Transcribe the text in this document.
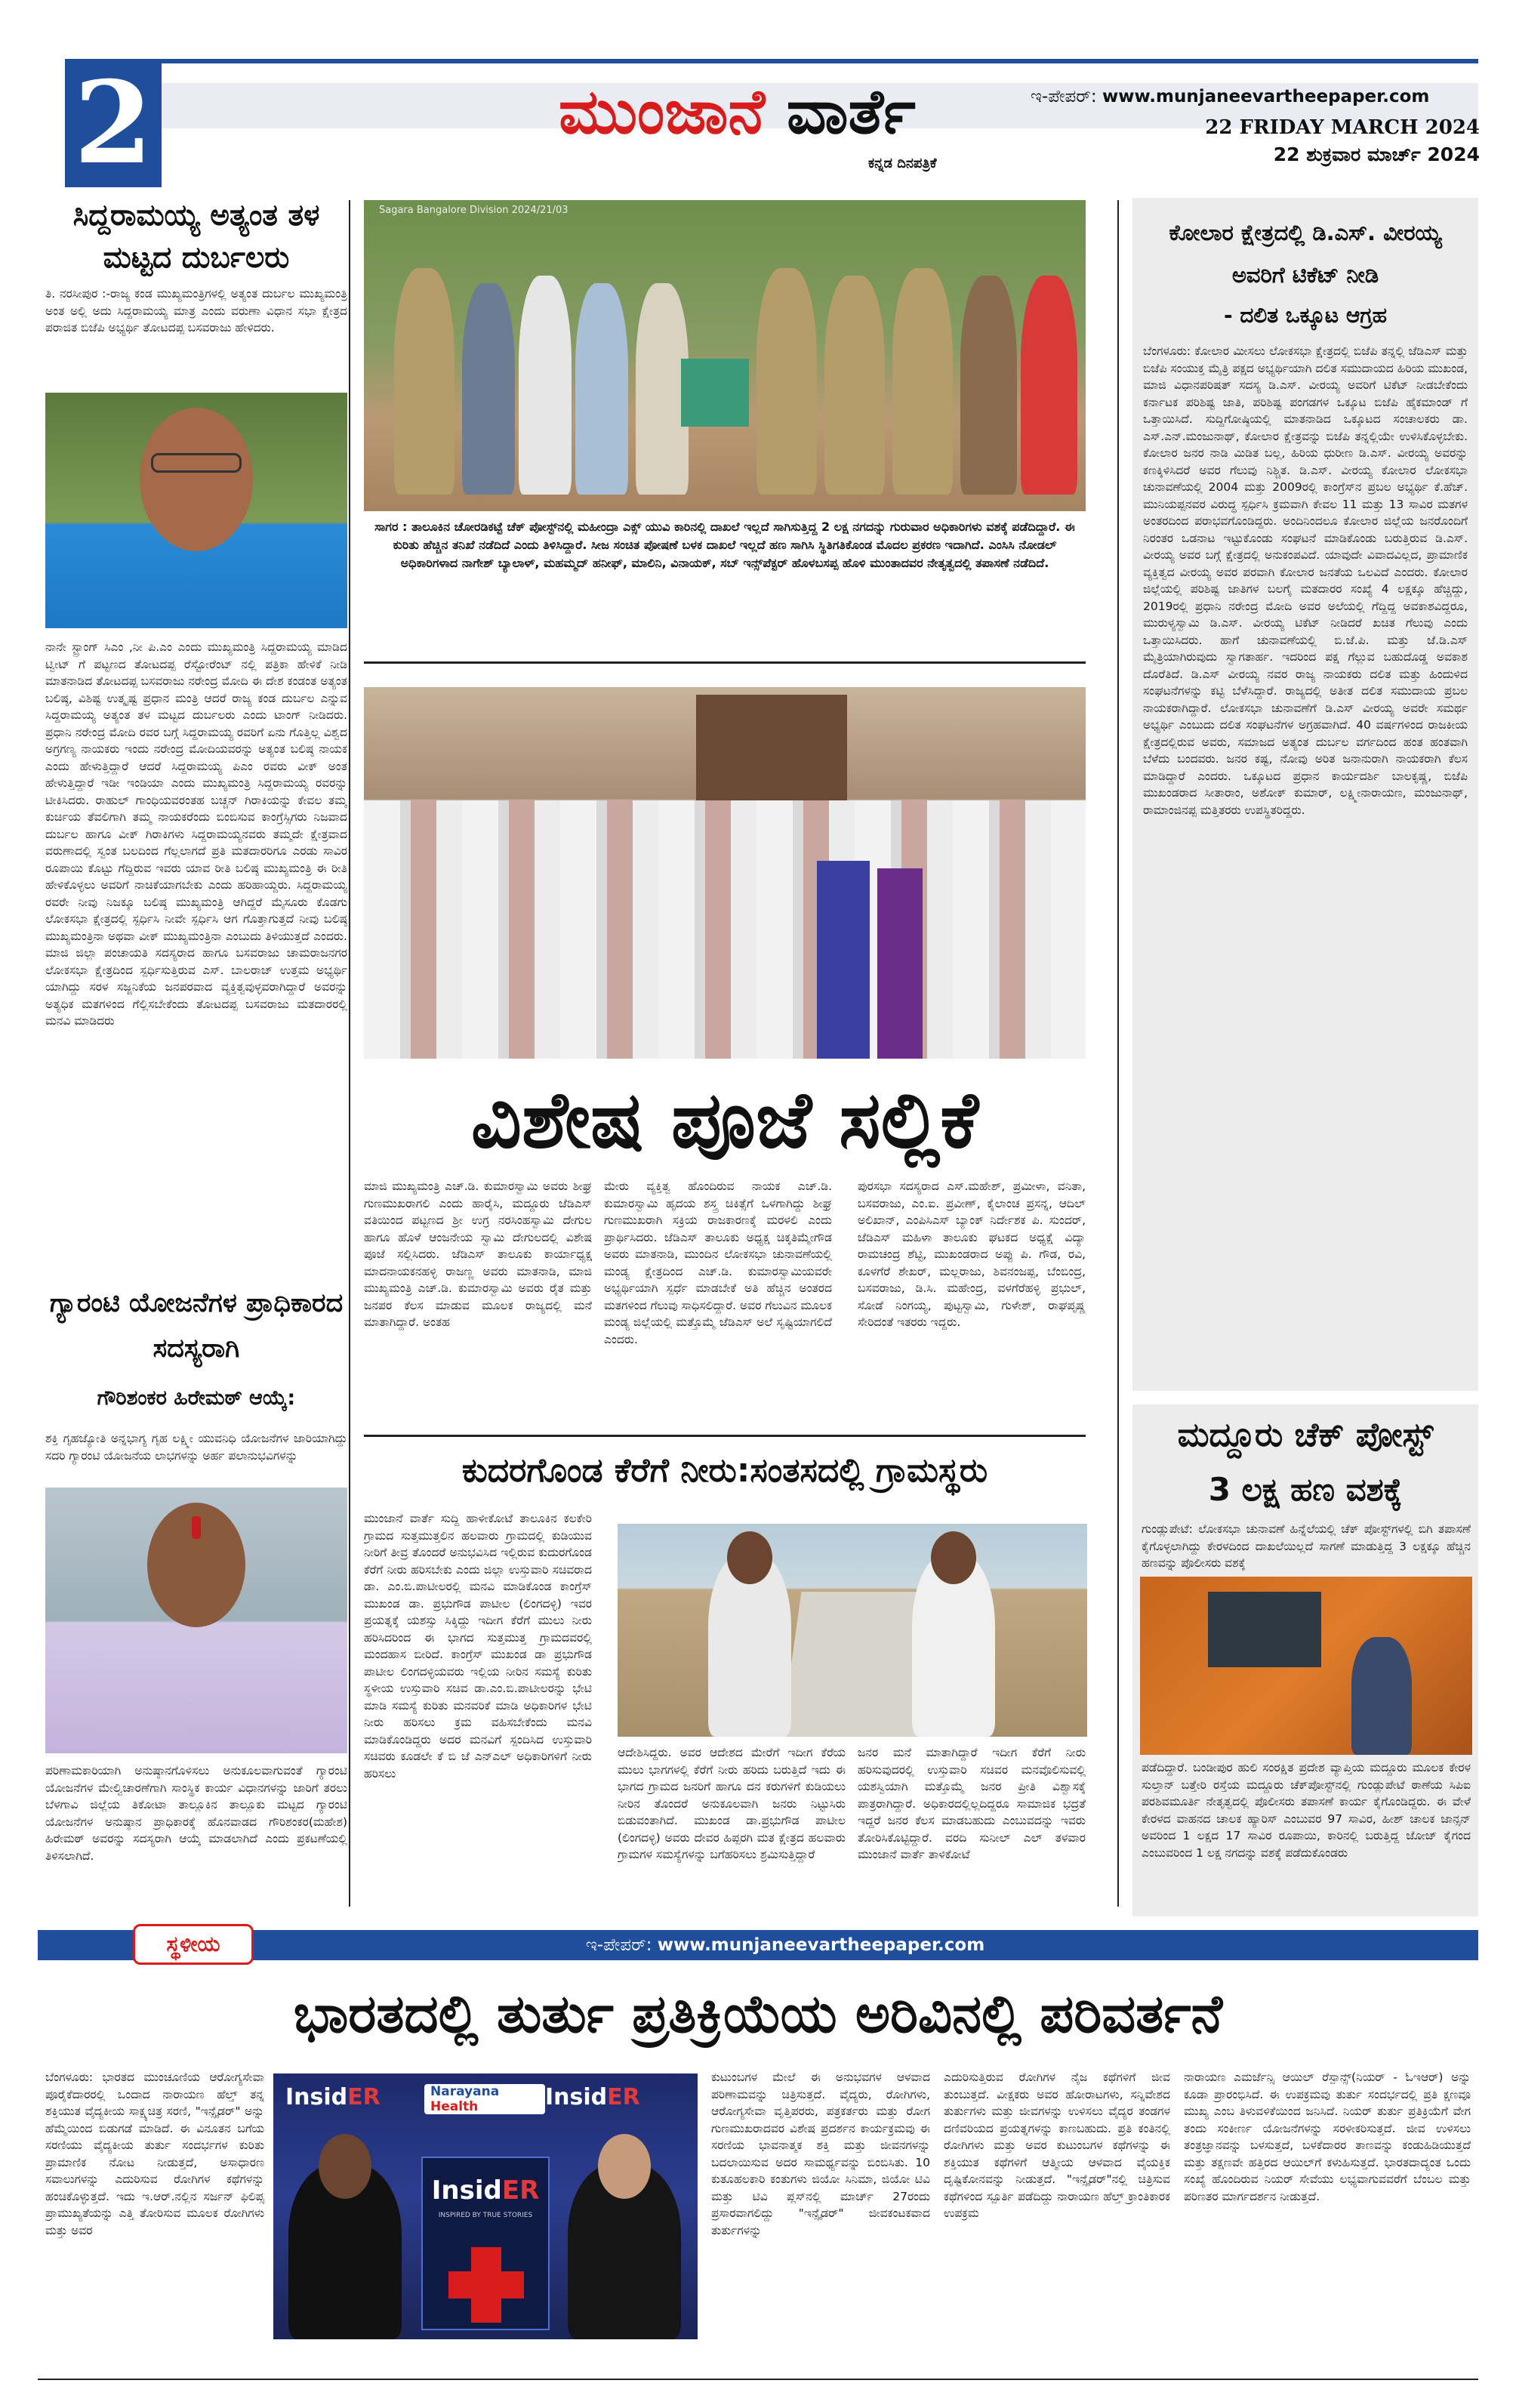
2	ಮುಂಜಾನೆ ವಾರ್ತೆ
ಕನ್ನಡ ದಿನಪತ್ರಿಕೆ
ಇ-ಪೇಪರ್: www.munjaneevartheepaper.com
22 FRIDAY MARCH 2024
22 ಶುಕ್ರವಾರ ಮಾರ್ಚ್ 2024
ಸಿದ್ದರಾಮಯ್ಯ ಅತ್ಯಂತ ತಳ ಮಟ್ಟದ ದುರ್ಬಲರು
ತಿ. ನರಸೀಪುರ :-ರಾಜ್ಯ ಕಂಡ ಮುಖ್ಯಮಂತ್ರಿಗಳಲ್ಲಿ ಅತ್ಯಂತ ದುರ್ಬಲ ಮುಖ್ಯಮಂತ್ರಿ ಅಂತ ಅಲ್ಲಿ ಅದು ಸಿದ್ದರಾಮಯ್ಯ ಮಾತ್ರ ಎಂದು ವರುಣಾ ವಿಧಾನ ಸಭಾ ಕ್ಷೇತ್ರದ ಪರಾಜಿತ ಬಿಜೆಪಿ ಅಭ್ಯರ್ಥಿ ತೋಟದಪ್ಪ ಬಸವರಾಜು ಹೇಳಿದರು.
ನಾನೇ ಸ್ಟ್ರಾಂಗ್ ಸಿಎಂ ,ನೀ ಪಿ.ಎಂ ಎಂದು ಮುಖ್ಯಮಂತ್ರಿ ಸಿದ್ದರಾಮಯ್ಯ ಮಾಡಿದ ಟ್ವೀಟ್ ಗೆ ಪಟ್ಟಣದ ತೋಟದಪ್ಪ ರೆಸ್ಟೋರೆಂಟ್ ನಲ್ಲಿ ಪತ್ರಿಕಾ ಹೇಳಿಕೆ ನೀಡಿ ಮಾತನಾಡಿದ ತೋಟದಪ್ಪ ಬಸವರಾಜು ನರೇಂದ್ರ ಮೋದಿ ಈ ದೇಶ ಕಂಡಂತ ಅತ್ಯಂತ ಬಲಿಷ್ಠ, ವಿಶಿಷ್ಟ ಉತ್ಕೃಷ್ಟ ಪ್ರಧಾನ ಮಂತ್ರಿ ಆದರೆ ರಾಜ್ಯ ಕಂಡ ದುರ್ಬಲ ಎನ್ನುವ ಸಿದ್ದರಾಮಯ್ಯ ಅತ್ಯಂತ ತಳ ಮಟ್ಟದ ದುರ್ಬಲರು ಎಂದು ಟಾಂಗ್ ನೀಡಿದರು. ಪ್ರಧಾನಿ ನರೇಂದ್ರ ಮೋದಿ ರವರ ಬಗ್ಗೆ ಸಿದ್ದರಾಮಯ್ಯ ರವರಿಗೆ ಏನು ಗೊತ್ತಿಲ್ಲ ವಿಶ್ವದ ಅಗ್ರಗಣ್ಯ ನಾಯಕರು ಇಂದು ನರೇಂದ್ರ ಮೋದಿಯವರನ್ನು ಅತ್ಯಂತ ಬಲಿಷ್ಠ ನಾಯಕ ಎಂದು ಹೇಳುತ್ತಿದ್ದಾರೆ ಆದರೆ ಸಿದ್ದರಾಮಯ್ಯ ಪಿಎಂ ರವರು ವೀಕ್ ಅಂತ ಹೇಳುತ್ತಿದ್ದಾರೆ ಇಡೀ ಇಂಡಿಯಾ ಎಂದು ಮುಖ್ಯಮಂತ್ರಿ ಸಿದ್ದರಾಮಯ್ಯ ರವರನ್ನು ಟೀಕಿಸಿದರು. ರಾಹುಲ್ ಗಾಂಧಿಯವರಂತಹ ಬಚ್ಚನ್ ಗಿರಾಕಿಯನ್ನು ಕೇವಲ ತಮ್ಮ ಕುರ್ಚಿಯ ತೆವಲಿಗಾಗಿ ತಮ್ಮ ನಾಯಕರೆಂದು ಬಿಂಬಿಸುವ ಕಾಂಗ್ರೆಸ್ಸಿಗರು ನಿಜವಾದ ದುರ್ಬಲ ಹಾಗೂ ವೀಕ್ ಗಿರಾಕಿಗಳು ಸಿದ್ದರಾಮಯ್ಯನವರು ತಮ್ಮದೇ ಕ್ಷೇತ್ರವಾದ ವರುಣಾದಲ್ಲಿ ಸ್ವಂತ ಬಲದಿಂದ ಗೆಲ್ಲಲಾಗದೆ ಪ್ರತಿ ಮತದಾರರಿಗೂ ಎರಡು ಸಾವಿರ ರೂಪಾಯಿ ಕೊಟ್ಟು ಗೆದ್ದಿರುವ ಇವರು ಯಾವ ರೀತಿ ಬಲಿಷ್ಠ ಮುಖ್ಯಮಂತ್ರಿ ಈ ರೀತಿ ಹೇಳಿಕೊಳ್ಳಲು ಅವರಿಗೆ ನಾಚಿಕೆಯಾಗಬೇಕು ಎಂದು ಹರಿಹಾಯ್ದರು. ಸಿದ್ದರಾಮಯ್ಯ ರವರೇ ನೀವು ನಿಜಕ್ಕೂ ಬಲಿಷ್ಠ ಮುಖ್ಯಮಂತ್ರಿ ಆಗಿದ್ದರೆ ಮೈಸೂರು ಕೊಡಗು ಲೋಕಸಭಾ ಕ್ಷೇತ್ರದಲ್ಲಿ ಸ್ಪರ್ಧಿಸಿ ನೀವೇ ಸ್ಪರ್ಧಿಸಿ ಆಗ ಗೊತ್ತಾಗುತ್ತದೆ ನೀವು ಬಲಿಷ್ಠ ಮುಖ್ಯಮಂತ್ರಿನಾ ಅಥವಾ ವೀಕ್ ಮುಖ್ಯಮಂತ್ರಿನಾ ಎಂಬುದು ತಿಳಿಯುತ್ತದೆ ಎಂದರು. ಮಾಜಿ ಜಿಲ್ಲಾ ಪಂಚಾಯತಿ ಸದಸ್ಯರಾದ ಹಾಗೂ ಬಸವರಾಜು ಚಾಮರಾಜನಗರ ಲೋಕಸಭಾ ಕ್ಷೇತ್ರದಿಂದ ಸ್ಪರ್ಧಿಸುತ್ತಿರುವ ಎಸ್. ಬಾಲರಾಜ್ ಉತ್ತಮ ಅಭ್ಯರ್ಥಿ ಯಾಗಿದ್ದು ಸರಳ ಸಜ್ಜನಿಕೆಯ ಜನಪರವಾದ ವ್ಯಕ್ತಿತ್ವವುಳ್ಳವರಾಗಿದ್ದಾರೆ ಅವರನ್ನು ಅತ್ಯಧಿಕ ಮತಗಳಿಂದ ಗೆಲ್ಲಿಸಬೇಕೆಂದು ತೋಟದಪ್ಪ ಬಸವರಾಜು ಮತದಾರರಲ್ಲಿ ಮನವಿ ಮಾಡಿದರು
ಗ್ಯಾರಂಟಿ ಯೋಜನೆಗಳ ಪ್ರಾಧಿಕಾರದ ಸದಸ್ಯರಾಗಿ
ಗೌರಿಶಂಕರ ಹಿರೇಮಠ್ ಆಯ್ಕೆ:
ಶಕ್ತಿ ಗೃಹಜ್ಯೋತಿ ಅನ್ನಭಾಗ್ಯ ಗೃಹ ಲಕ್ಷ್ಮೀ ಯುವನಿಧಿ ಯೋಜನೆಗಳ ಜಾರಿಯಾಗಿದ್ದು ಸದರಿ ಗ್ಯಾರಂಟಿ ಯೋಜನೆಯ ಲಾಭಗಳನ್ನು ಅರ್ಹ ಪಲಾನುಭವಿಗಳನ್ನು
ಪರಿಣಾಮಕಾರಿಯಾಗಿ ಅನುಷ್ಠಾನಗೊಳಿಸಲು ಅನುಕೂಲವಾಗುವಂತೆ ಗ್ಯಾರಂಟಿ ಯೋಜನೆಗಳ ಮೇಲ್ವಿಚಾರಣೆಗಾಗಿ ಸಾಂಸ್ಥಿಕ ಕಾರ್ಯ ವಿಧಾನಗಳನ್ನು ಜಾರಿಗೆ ತರಲು ಬೆಳಗಾವಿ ಜಿಲ್ಲೆಯ ತಿಕೋಟಾ ತಾಲ್ಲೂಕಿನ ತಾಲ್ಲೂಕು ಮಟ್ಟದ ಗ್ಯಾರಂಟಿ ಯೋಜನೆಗಳ ಅನುಷ್ಠಾನ ಪ್ರಾಧಿಕಾರಕ್ಕೆ ಹೊನವಾಡದ ಗೌರಿಶಂಕರ(ಮಹೇಶ) ಹಿರೇಮಠ್ ಅವರನ್ನು ಸದಸ್ಯರಾಗಿ ಆಯ್ಕೆ ಮಾಡಲಾಗಿದೆ ಎಂದು ಪ್ರಕಟಣೆಯಲ್ಲಿ ತಿಳಿಸಲಾಗಿದೆ.
Sagara Bangalore Division 2024/21/03
ಸಾಗರ : ತಾಲೂಕಿನ ಚೋರಡಿಕಟ್ಟೆ ಚೆಕ್ ಪೋಸ್ಟ್‌ನಲ್ಲಿ ಮಹೀಂದ್ರಾ ಎಕ್ಸ್ ಯುವಿ ಕಾರಿನಲ್ಲಿ ದಾಖಲೆ ಇಲ್ಲದೆ ಸಾಗಿಸುತ್ತಿದ್ದ 2 ಲಕ್ಷ ನಗದನ್ನು ಗುರುವಾರ ಅಧಿಕಾರಿಗಳು ವಶಕ್ಕೆ ಪಡೆದಿದ್ದಾರೆ. ಈ ಕುರಿತು ಹೆಚ್ಚಿನ ತನಿಖೆ ನಡೆದಿದೆ ಎಂದು ತಿಳಿಸಿದ್ದಾರೆ. ಸೀಜ ಸಂಚಿತ ಪೋಷಣೆ ಬಳಕ ದಾಖಲೆ ಇಲ್ಲದೆ ಹಣ ಸಾಗಿಸಿ ಸ್ಥಿತಿಗತಿಕೊಂಡ ಮೊದಲ ಪ್ರಕರಣ ಇದಾಗಿದೆ. ಎಂಸಿಸಿ ನೋಡಲ್ ಅಧಿಕಾರಿಗಳಾದ ನಾಗೇಶ್ ಬ್ಯಾಲಾಳ್, ಮಹಮ್ಮದ್ ಹನೀಫ್, ಮಾಲಿನಿ, ವಿನಾಯಕ್, ಸಬ್ ಇನ್ಸ್‌ಪೆಕ್ಟರ್ ಹೊಳಬಸಪ್ಪ ಹೊಳಿ ಮುಂತಾದವರ ನೇತೃತ್ವದಲ್ಲಿ ತಪಾಸಣೆ ನಡೆದಿದೆ.
ವಿಶೇಷ ಪೂಜೆ ಸಲ್ಲಿಕೆ
ಮಾಜಿ ಮುಖ್ಯಮಂತ್ರಿ ಎಚ್.ಡಿ. ಕುಮಾರಸ್ವಾಮಿ ಅವರು ಶೀಘ್ರ ಗುಣಮುಖರಾಗಲಿ ಎಂದು ಹಾರೈಸಿ, ಮದ್ದೂರು ಜೆಡಿಎಸ್ ವತಿಯಿಂದ ಪಟ್ಟಣದ ಶ್ರೀ ಉಗ್ರ ನರಸಿಂಹಸ್ವಾಮಿ ದೇಗುಲ ಹಾಗೂ ಹೊಳೆ ಆಂಜನೇಯ ಸ್ವಾಮಿ ದೇಗುಲದಲ್ಲಿ ವಿಶೇಷ ಪೂಜೆ ಸಲ್ಲಿಸಿದರು. ಜೆಡಿಎಸ್ ತಾಲೂಕು ಕಾರ್ಯಾಧ್ಯಕ್ಷ ಮಾದನಾಯಕನಹಳ್ಳಿ ರಾಜಣ್ಣ ಅವರು ಮಾತನಾಡಿ, ಮಾಜಿ ಮುಖ್ಯಮಂತ್ರಿ ಎಚ್.ಡಿ. ಕುಮಾರಸ್ವಾಮಿ ಅವರು ರೈತ ಮತ್ತು ಜನಪರ ಕೆಲಸ ಮಾಡುವ ಮೂಲಕ ರಾಜ್ಯದಲ್ಲಿ ಮನೆ ಮಾತಾಗಿದ್ದಾರೆ. ಅಂತಹ
ಮೇರು ವ್ಯಕ್ತಿತ್ವ ಹೊಂದಿರುವ ನಾಯಕ ಎಚ್.ಡಿ. ಕುಮಾರಸ್ವಾಮಿ ಹೃದಯ ಶಸ್ತ್ರ ಚಿಕಿತ್ಸೆಗೆ ಒಳಗಾಗಿದ್ದು ಶೀಘ್ರ ಗುಣಮುಖರಾಗಿ ಸಕ್ರಿಯ ರಾಜಕಾರಣಕ್ಕೆ ಮರಳಲಿ ಎಂದು ಪ್ರಾರ್ಥಿಸಿದರು. ಜೆಡಿಎಸ್ ತಾಲೂಕು ಅಧ್ಯಕ್ಷ ಚಿಕ್ಕತಿಮ್ಮೇಗೌಡ ಅವರು ಮಾತನಾಡಿ, ಮುಂದಿನ ಲೋಕಸಭಾ ಚುನಾವಣೆಯಲ್ಲಿ ಮಂಡ್ಯ ಕ್ಷೇತ್ರದಿಂದ ಎಚ್.ಡಿ. ಕುಮಾರಸ್ವಾಮಿಯವರೇ ಅಭ್ಯರ್ಥಿಯಾಗಿ ಸ್ಪರ್ಧೆ ಮಾಡಬೇಕೆ ಅತಿ ಹೆಚ್ಚಿನ ಅಂತರದ ಮತಗಳಿಂದ ಗೆಲುವು ಸಾಧಿಸಲಿದ್ದಾರೆ. ಅವರ ಗೆಲುವಿನ ಮೂಲಕ ಮಂಡ್ಯ ಜಿಲ್ಲೆಯಲ್ಲಿ ಮತ್ತೊಮ್ಮೆ ಜೆಡಿಎಸ್ ಅಲೆ ಸೃಷ್ಟಿಯಾಗಲಿದೆ ಎಂದರು.
ಪುರಸಭಾ ಸದಸ್ಯರಾದ ಎಸ್.ಮಹೇಶ್, ಪ್ರಮೀಳಾ, ವನಿತಾ, ಬಸವರಾಜು, ಎಂ.ಐ. ಪ್ರವೀಣ್, ಕೈಲಾಂಚ ಪ್ರಸನ್ನ, ಆದಿಲ್ ಅಲಿಖಾನ್, ಎಂಪಿಸಿಎಸ್ ಬ್ಯಾಂಕ್ ನಿರ್ದೇಶಕ ಪಿ. ಸುಂದರ್, ಜೆಡಿಎಸ್ ಮಹಿಳಾ ತಾಲೂಕು ಘಟಕದ ಅಧ್ಯಕ್ಷೆ ವಿದ್ಯಾ ರಾಮಚಂದ್ರ ಶೆಟ್ಟಿ, ಮುಖಂಡರಾದ ಅಪ್ಪು ಪಿ. ಗೌಡ, ರವಿ, ಕೂಳಗೆರೆ ಶೇಖರ್, ಮಲ್ಲರಾಜು, ಶಿವನಂಜಪ್ಪ, ಬೆಂಬಿಂದ್ರ, ಬಸವರಾಜು, ಡಿ.ಸಿ. ಮಹೇಂದ್ರ, ವಳಗೆರೆಹಳ್ಳಿ ಪ್ರಭುಲ್, ಸೋಡೆ ನಿಂಗಯ್ಯ, ಪುಟ್ಟಸ್ವಾಮಿ, ಗುಳೇಶ್, ರಾಘಪೃಷ್ಣ ಸೇರಿದಂತೆ ಇತರರು ಇದ್ದರು.
ಕುದರಗೊಂಡ ಕೆರೆಗೆ ನೀರು:ಸಂತಸದಲ್ಲಿ ಗ್ರಾಮಸ್ಥರು
ಮುಂಜಾನೆ ವಾರ್ತೆ ಸುದ್ದಿ ಹಾಳೀಕೋಟೆ ತಾಲೂಕಿನ ಕಲಕೇರಿ ಗ್ರಾಮದ ಸುತ್ತಮುತ್ತಲಿನ ಹಲವಾರು ಗ್ರಾಮದಲ್ಲಿ ಕುಡಿಯುವ ನೀರಿಗೆ ತೀವ್ರ ತೊಂದರೆ ಅನುಭವಿಸಿದ ಇಲ್ಲಿರುವ ಕುದುರಗೊಂಡ ಕೆರೆಗೆ ನೀರು ಹರಿಸಬೇಕು ಎಂದು ಜಿಲ್ಲಾ ಉಸ್ತುವಾರಿ ಸಚಿವರಾದ ಡಾ. ಎಂ.ಬಿ.ಪಾಟೀಲರಲ್ಲಿ ಮನವಿ ಮಾಡಿಕೊಂಡ ಕಾಂಗ್ರೆಸ್ ಮುಖಂಡ ಡಾ. ಪ್ರಭುಗೌಡ ಪಾಟೀಲ (ಲಿಂಗದಳ್ಳಿ) ಇವರ ಪ್ರಯತ್ನಕ್ಕೆ ಯಶಸ್ಸು ಸಿಕ್ಕಿದ್ದು ಇದೀಗ ಕೆರೆಗೆ ಮುಲು ನೀರು ಹರಿಸಿದರಿಂದ ಈ ಭಾಗದ ಸುತ್ತಮುತ್ತ ಗ್ರಾಮದವರಲ್ಲಿ ಮಂದಹಾಸ ಬೀರಿದೆ. ಕಾಂಗ್ರೆಸ್ ಮುಖಂಡ ಡಾ ಪ್ರಭುಗೌಡ ಪಾಟೀಲ ಲಿಂಗದಳ್ಳಿಯವರು ಇಲ್ಲಿಯ ನೀರಿನ ಸಮಸ್ಯೆ ಕುರಿತು ಸ್ಥಳೀಯ ಉಸ್ತುವಾರಿ ಸಚಿವ ಡಾ.ಎಂ.ಬಿ.ಪಾಟೀಲರನ್ನು ಭೇಟಿ ಮಾಡಿ ಸಮಸ್ಯೆ ಕುರಿತು ಮನವರಿಕೆ ಮಾಡಿ ಅಧಿಕಾರಿಗಳ ಭೇಟಿ ನೀರು ಹರಿಸಲು ಕ್ರಮ ವಹಿಸಬೇಕೆಂದು ಮನವಿ ಮಾಡಿಕೊಂಡಿದ್ದರು ಅದರ ಮನವಿಗೆ ಸ್ಪಂದಿಸಿದ ಉಸ್ತುವಾರಿ ಸಚಿವರು ಕೂಡಲೇ ಕೆ ಬಿ ಜೆ ಎನ್ಎಲ್ ಅಧಿಕಾರಿಗಳಿಗೆ ನೀರು ಹರಿಸಲು
ಆದೇಶಿಸಿದ್ದರು. ಅವರ ಆದೇಶದ ಮೇರೆಗೆ ಇದೀಗ ಕೆರೆಯ ಮುಲು ಭಾಗಗಳಲ್ಲಿ ಕೆರೆಗೆ ನೀರು ಹರಿದು ಬರುತ್ತಿದೆ ಇದು ಈ ಭಾಗದ ಗ್ರಾಮದ ಜನರಿಗೆ ಹಾಗೂ ದನ ಕರುಗಳಿಗೆ ಕುಡಿಯಲು ನೀರಿನ ತೊಂದರೆ ಅನುಕೂಲವಾಗಿ ಜನರು ನಿಟ್ಟುಸಿರು ಬಿಡುವಂತಾಗಿದೆ. ಮುಖಂಡ ಡಾ.ಪ್ರಭುಗೌಡ ಪಾಟೀಲ (ಲಿಂಗದಳ್ಳಿ) ಅವರು ದೇವರ ಹಿಪ್ಪರಗಿ ಮತ ಕ್ಷೇತ್ರದ ಹಲವಾರು ಗ್ರಾಮಗಳ ಸಮಸ್ಯೆಗಳನ್ನು ಬಗೆಹರಿಸಲು ಶ್ರಮಿಸುತ್ತಿದ್ದಾರೆ
ಜನರ ಮನೆ ಮಾತಾಗಿದ್ದಾರೆ ಇದೀಗ ಕೆರೆಗೆ ನೀರು ಹರಿಸುವುದರಲ್ಲಿ ಉಸ್ತುವಾರಿ ಸಚಿವರ ಮನವೊಲಿಸುವಲ್ಲಿ ಯಶಸ್ವಿಯಾಗಿ ಮತ್ತೊಮ್ಮೆ ಜನರ ಪ್ರೀತಿ ವಿಶ್ವಾಸಕ್ಕೆ ಪಾತ್ರರಾಗಿದ್ದಾರೆ. ಅಧಿಕಾರದಲ್ಲಿಲ್ಲದಿದ್ದರೂ ಸಾಮಾಜಿಕ ಭದ್ರತೆ ಇದ್ದರೆ ಜನರ ಕೆಲಸ ಮಾಡಬಹುದು ಎಂಬುವದನ್ನು ಇವರು ತೋರಿಸಿಕೊಟ್ಟಿದ್ದಾರೆ. ವರದಿ ಸುನೀಲ್ ಎಲ್ ತಳವಾರ ಮುಂಜಾನೆ ವಾರ್ತೆ ತಾಳಿಕೋಟೆ
ಕೋಲಾರ ಕ್ಷೇತ್ರದಲ್ಲಿ ಡಿ.ಎಸ್. ವೀರಯ್ಯ ಅವರಿಗೆ ಟಿಕೆಟ್ ನೀಡಿ
- ದಲಿತ ಒಕ್ಕೂಟ ಆಗ್ರಹ
ಬೆಂಗಳೂರು: ಕೋಲಾರ ಮೀಸಲು ಲೋಕಸಭಾ ಕ್ಷೇತ್ರದಲ್ಲಿ ಬಿಜೆಪಿ ತನ್ನಲ್ಲಿ ಜೆಡಿಎಸ್ ಮತ್ತು ಬಿಜೆಪಿ ಸಂಯುಕ್ತ ಮೈತ್ರಿ ಪಕ್ಷದ ಅಭ್ಯರ್ಥಿಯಾಗಿ ದಲಿತ ಸಮುದಾಯದ ಹಿರಿಯ ಮುಖಂಡ, ಮಾಜಿ ವಿಧಾನಪರಿಷತ್ ಸದಸ್ಯ ಡಿ.ಎಸ್. ವೀರಯ್ಯ ಅವರಿಗೆ ಟಿಕೆಟ್ ನೀಡಬೇಕೆಂದು ಕರ್ನಾಟಕ ಪರಿಶಿಷ್ಟ ಜಾತಿ, ಪರಿಶಿಷ್ಟ ಪಂಗಡಗಳ ಒಕ್ಕೂಟ ಬಿಜೆಪಿ ಹೈಕಮಾಂಡ್ ಗೆ ಒತ್ತಾಯಿಸಿದೆ. ಸುದ್ದಿಗೋಷ್ಠಿಯಲ್ಲಿ ಮಾತನಾಡಿದ ಒಕ್ಕೂಟದ ಸಂಚಾಲಕರು ಡಾ. ಎಸ್.ಎನ್.ಮಂಜುನಾಥ್, ಕೋಲಾರ ಕ್ಷೇತ್ರವನ್ನು ಬಿಜೆಪಿ ತನ್ನಲ್ಲಿಯೇ ಉಳಿಸಿಕೊಳ್ಳಬೇಕು. ಕೋಲಾರ ಜನರ ನಾಡಿ ಮಿಡಿತ ಬಲ್ಲ, ಹಿರಿಯ ಧುರೀಣ ಡಿ.ಎಸ್. ವೀರಯ್ಯ ಅವರನ್ನು ಕಣಕ್ಕಿಳಿಸಿದರೆ ಅವರ ಗೆಲುವು ನಿಶ್ಚಿತ. ಡಿ.ಎಸ್. ವೀರಯ್ಯ ಕೋಲಾರ ಲೋಕಸಭಾ ಚುನಾವಣೆಯಲ್ಲಿ 2004 ಮತ್ತು 2009ರಲ್ಲಿ ಕಾಂಗ್ರೆಸ್‌ನ ಪ್ರಬಲ ಅಭ್ಯರ್ಥಿ ಕೆ.ಹೆಚ್. ಮುನಿಯಪ್ಪನವರ ವಿರುದ್ಧ ಸ್ಪರ್ಧಿಸಿ ಕ್ರಮವಾಗಿ ಕೇವಲ 11 ಮತ್ತು 13 ಸಾವಿರ ಮತಗಳ ಅಂತರದಿಂದ ಪರಾಭವಗೊಂಡಿದ್ದರು. ಅಂದಿನಿಂದಲೂ ಕೋಲಾರ ಜಿಲ್ಲೆಯ ಜನರೊಂದಿಗೆ ನಿರಂತರ ಒಡನಾಟ ಇಟ್ಟುಕೊಂಡು ಸಂಘಟನೆ ಮಾಡಿಕೊಂಡು ಬರುತ್ತಿರುವ ಡಿ.ಎಸ್. ವೀರಯ್ಯ ಅವರ ಬಗ್ಗೆ ಕ್ಷೇತ್ರದಲ್ಲಿ ಅನುಕಂಪವಿದೆ. ಯಾವುದೇ ವಿವಾದವಿಲ್ಲದ, ಪ್ರಾಮಾಣಿಕ ವ್ಯಕ್ತಿತ್ವದ ವೀರಯ್ಯ ಅವರ ಪರವಾಗಿ ಕೋಲಾರ ಜನತೆಯ ಒಲವಿದೆ ಎಂದರು. ಕೋಲಾರ ಜಿಲ್ಲೆಯಲ್ಲಿ ಪರಿಶಿಷ್ಟ ಜಾತಿಗಳ ಬಲಗೈ ಮತದಾರರ ಸಂಖ್ಯೆ 4 ಲಕ್ಷಕ್ಕೂ ಹೆಚ್ಚಿದ್ದು, 2019ರಲ್ಲಿ ಪ್ರಧಾನಿ ನರೇಂದ್ರ ಮೋದಿ ಅವರ ಅಲೆಯಲ್ಲಿ ಗೆದ್ದಿದ್ದ ಅವಕಾಶವಿದ್ದರೂ, ಮುರುಳ್ಯಸ್ವಾಮಿ ಡಿ.ಎಸ್. ವೀರಯ್ಯ ಟಿಕೆಟ್ ನೀಡಿದರೆ ಖಚಿತ ಗೆಲುವು ಎಂದು ಒತ್ತಾಯಿಸಿದರು. ಹಾಗೆ ಚುನಾವಣೆಯಲ್ಲಿ ಬಿ.ಜೆ.ಪಿ. ಮತ್ತು ಜೆ.ಡಿ.ಎಸ್ ಮೈತ್ರಿಯಾಗಿರುವುದು ಸ್ವಾಗತಾರ್ಹ. ಇದರಿಂದ ಪಕ್ಷ ಗೆಲ್ಲುವ ಬಹುದೊಡ್ಡ ಅವಕಾಶ ದೊರೆತಿದೆ. ಡಿ.ಎಸ್ ವೀರಯ್ಯ ನವರ ರಾಜ್ಯ ನಾಯಕರು ದಲಿತ ಮತ್ತು ಹಿಂದುಳಿದ ಸಂಘಟನೆಗಳನ್ನು ಕಟ್ಟಿ ಬೆಳೆಸಿದ್ದಾರೆ. ರಾಜ್ಯದಲ್ಲಿ ಅತೀತ ದಲಿತ ಸಮುದಾಯ ಪ್ರಬಲ ನಾಯಕರಾಗಿದ್ದಾರೆ. ಲೋಕಸಭಾ ಚುನಾವಣೆಗೆ ಡಿ.ಎಸ್ ವೀರಯ್ಯ ಅವರೇ ಸಮರ್ಥ ಅಭ್ಯರ್ಥಿ ಎಂಬುದು ದಲಿತ ಸಂಘಟನೆಗಳ ಅಗ್ರಹವಾಗಿದೆ. 40 ವರ್ಷಗಳಿಂದ ರಾಜಕೀಯ ಕ್ಷೇತ್ರದಲ್ಲಿರುವ ಅವರು, ಸಮಾಜದ ಅತ್ಯಂತ ದುರ್ಬಲ ವರ್ಗದಿಂದ ಹಂತ ಹಂತವಾಗಿ ಬೆಳೆದು ಬಂದವರು. ಜನರ ಕಷ್ಟ, ನೋವು ಅರಿತ ಜನಾನುರಾಗಿ ನಾಯಕರಾಗಿ ಕೆಲಸ ಮಾಡಿದ್ದಾರೆ ಎಂದರು. ಒಕ್ಕೂಟದ ಪ್ರಧಾನ ಕಾರ್ಯದರ್ಶಿ ಬಾಲಕೃಷ್ಣ, ಬಿಜೆಪಿ ಮುಖಂಡರಾದ ಸೀತಾರಾಂ, ಅಶೋಕ್ ಕುಮಾರ್, ಲಕ್ಷ್ಮೀನಾರಾಯಣ, ಮಂಜುನಾಥ್, ರಾಮಾಂಜಿನಪ್ಪ ಮತ್ತಿತರರು ಉಪಸ್ಥಿತರಿದ್ದರು.
ಮದ್ದೂರು ಚೆಕ್ ಪೋಸ್ಟ್
3 ಲಕ್ಷ ಹಣ ವಶಕ್ಕೆ
ಗುಂಡ್ಲುಪೇಟೆ: ಲೋಕಸಭಾ ಚುನಾವಣೆ ಹಿನ್ನೆಲೆಯಲ್ಲಿ ಚೆಕ್ ಪೋಸ್ಟ್‌ಗಳಲ್ಲಿ ಬಿಗಿ ತಪಾಸಣೆ ಕೈಗೊಳ್ಳಲಾಗಿದ್ದು ಕೇರಳದಿಂದ ದಾಖಲೆಯಿಲ್ಲದೆ ಸಾಗಣೆ ಮಾಡುತ್ತಿದ್ದ 3 ಲಕ್ಷಕ್ಕೂ ಹೆಚ್ಚಿನ ಹಣವನ್ನು ಪೊಲೀಸರು ವಶಕ್ಕೆ
ಪಡೆದಿದ್ದಾರೆ. ಬಂಡೀಪುರ ಹುಲಿ ಸಂರಕ್ಷಿತ ಪ್ರದೇಶ ವ್ಯಾಪ್ತಿಯ ಮದ್ದೂರು ಮೂಲಕ ಕೇರಳ ಸುಲ್ತಾನ್ ಬತ್ತೇರಿ ರಸ್ತೆಯ ಮದ್ದೂರು ಚೆಕ್‌ಪೋಸ್ಟ್‌ನಲ್ಲಿ ಗುಂಡ್ಲುಪೇಟೆ ಠಾಣೆಯ ಸಿಪಿಐ ಪರಶಿವಮೂರ್ತಿ ನೇತೃತ್ವದಲ್ಲಿ ಪೊಲೀಸರು ತಪಾಸಣೆ ಕಾರ್ಯ ಕೈಗೊಂಡಿದ್ದರು. ಈ ವೇಳೆ ಕೇರಳದ ವಾಹನದ ಚಾಲಕ ಹ್ಯಾರಿಸ್ ಎಂಬುವರ 97 ಸಾವಿರ, ಹೀಶ್ ಚಾಲಕ ಜಾನ್ಸನ್ ಅವರಿಂದ 1 ಲಕ್ಷದ 17 ಸಾವಿರ ರೂಪಾಯಿ, ಕಾರಿನಲ್ಲಿ ಬರುತ್ತಿದ್ದ ಜೋಜ್ ಕೈಗಂದ ಎಂಬುವರಿಂದ 1 ಲಕ್ಷ ನಗದನ್ನು ವಶಕ್ಕೆ ಪಡೆದುಕೊಂಡರು
ಸ್ಥಳೀಯ	ಇ-ಪೇಪರ್: www.munjaneevartheepaper.com
ಭಾರತದಲ್ಲಿ ತುರ್ತು ಪ್ರತಿಕ್ರಿಯೆಯ ಅರಿವಿನಲ್ಲಿ ಪರಿವರ್ತನೆ
ಬೆಂಗಳೂರು: ಭಾರತದ ಮುಂಚೂಣಿಯ ಆರೋಗ್ಯಸೇವಾ ಪೂರೈಕೆದಾರರಲ್ಲಿ ಒಂದಾದ ನಾರಾಯಣ ಹೆಲ್ತ್ ತನ್ನ ಶಕ್ತಿಯುತ ವೈದ್ಯಕೀಯ ಸಾಕ್ಷ್ಯಚಿತ್ರ ಸರಣಿ, "ಇನ್ಸೈಡರ್" ಅನ್ನು ಹೆಮ್ಮೆಯಿಂದ ಬಿಡುಗಡೆ ಮಾಡಿದೆ. ಈ ವಿನೂತನ ಬಗೆಯ ಸರಣಿಯು ವೈದ್ಯಕೀಯ ತುರ್ತು ಸಂದರ್ಭಗಳ ಕುರಿತು ಪ್ರಾಮಾಣಿಕ ನೋಟ ನೀಡುತ್ತದೆ, ಅಸಾಧಾರಣ ಸವಾಲುಗಳನ್ನು ಎದುರಿಸುವ ರೋಗಿಗಳ ಕಥೆಗಳನ್ನು ಹಂಚಿಕೊಳ್ಳುತ್ತದೆ. ಇದು ಇ.ಆರ್.ನಲ್ಲಿನ ಸರ್ಜನ್ ಫಿಲಿಪ್ಸ ಪ್ರಾಮುಖ್ಯತೆಯನ್ನು ಎತ್ತಿ ತೋರಿಸುವ ಮೂಲಕ ರೋಗಿಗಳು ಮತ್ತು ಅವರ
InsidER	Narayana
Health	InsidER
InsidER
INSPIRED BY TRUE STORIES
ಕುಟುಂಬಗಳ ಮೇಲೆ ಈ ಅನುಭವಗಳ ಆಳವಾದ ಪರಿಣಾಮವನ್ನು ಚಿತ್ರಿಸುತ್ತದೆ. ವೈದ್ಯರು, ರೋಗಿಗಳು, ಆರೋಗ್ಯಸೇವಾ ವೃತ್ತಿಪರರು, ಪತ್ರಕರ್ತರು ಮತ್ತು ರೋಗ ಗುಣಮುಖರಾದವರ ವಿಶೇಷ ಪ್ರದರ್ಶನ ಕಾರ್ಯಕ್ರಮವು ಈ ಸರಣಿಯ ಭಾವನಾತ್ಮಕ ಶಕ್ತಿ ಮತ್ತು ಜೀವನಗಳನ್ನು ಬದಲಾಯಿಸುವ ಅದರ ಸಾಮರ್ಥ್ಯವನ್ನು ಬಿಂಬಿಸಿತು. 10 ಕುತೂಹಲಕಾರಿ ಕಂತುಗಳು ಜಿಯೋ ಸಿನಿಮಾ, ಜಿಯೋ ಟಿವಿ ಮತ್ತು ಟಿವಿ ಪ್ಲಸ್‌ನಲ್ಲಿ ಮಾರ್ಚ್ 27ರಂದು ಪ್ರಸಾರವಾಗಲಿದ್ದು "ಇನ್ಸೈಡರ್" ಜೀವಕಂಟಕವಾದ ತುರ್ತುಗಳನ್ನು
ಎದುರಿಸುತ್ತಿರುವ ರೋಗಿಗಳ ನೈಜ ಕಥೆಗಳಿಗೆ ಜೀವ ತುಂಬುತ್ತದೆ. ವೀಕ್ಷಕರು ಅವರ ಹೋರಾಟಗಳು, ಸನ್ನಿವೇಶದ ತುರ್ತುಗಳು ಮತ್ತು ಜೀವಗಳನ್ನು ಉಳಿಸಲು ವೈದ್ಯರ ತಂಡಗಳ ದಣಿವರಿಯದ ಪ್ರಯತ್ನಗಳನ್ನು ಕಾಣಬಹುದು. ಪ್ರತಿ ಕಂತಿನಲ್ಲಿ ರೋಗಿಗಳು ಮತ್ತು ಅವರ ಕುಟುಂಬಗಳ ಕಥೆಗಳನ್ನು ಈ ಶಕ್ತಿಯುತ ಕಥೆಗಳಿಗೆ ಆತ್ಮೀಯ ಆಳವಾದ ವೈಯಕ್ತಿಕ ದೃಷ್ಟಿಕೋನವನ್ನು ನೀಡುತ್ತದೆ. "ಇನ್ಸೈಡರ್"ನಲ್ಲಿ ಚಿತ್ರಿಸುವ ಕಥೆಗಳಿಂದ ಸ್ಪೂರ್ತಿ ಪಡೆದಿದ್ದು ನಾರಾಯಣ ಹೆಲ್ತ್ ಕ್ರಾಂತಿಕಾರಕ ಉಪಕ್ರಮ
ನಾರಾಯಣ ಎಮರ್ಜೆನ್ಸಿ ಆಯಿಲ್ ರೆಸ್ಪಾನ್ಸ್(ನಿಯರ್ - ಓಇಆರ್) ಅನ್ನು ಕೂಡಾ ಪ್ರಾರಂಭಿಸಿದೆ. ಈ ಉಪಕ್ರಮವು ತುರ್ತು ಸಂದರ್ಭದಲ್ಲಿ ಪ್ರತಿ ಕ್ಷಣವೂ ಮುಖ್ಯ ಎಂಬ ತಿಳುವಳಿಕೆಯಿಂದ ಜನಿಸಿದೆ. ನಿಯರ್ ತುರ್ತು ಪ್ರತಿಕ್ರಿಯೆಗೆ ವೇಗ ತಂದು ಸಂಕೀರ್ಣ ಯೋಜನೆಗಳನ್ನು ಸರಳೀಕರಿಸುತ್ತದೆ. ಜೀವ ಉಳಿಸಲು ತಂತ್ರಜ್ಞಾನವನ್ನು ಬಳಸುತ್ತದೆ, ಬಳಕೆದಾರರ ತಾಣವನ್ನು ಕಂಡುಹಿಡಿಯುತ್ತದೆ ಮತ್ತು ತಕ್ಷಣವೇ ಹತ್ತಿರದ ಆಯಿಲ್‌ಗೆ ಕಳುಹಿಸುತ್ತದೆ. ಭಾರತದಾದ್ಯಂತ ಒಂದು ಸಂಖ್ಯೆ ಹೊಂದಿರುವ ನಿಯರ್ ಸೇವೆಯು ಲಭ್ಯವಾಗುವವರೆಗೆ ಬೆಂಬಲ ಮತ್ತು ಪರಿಣತರ ಮಾರ್ಗದರ್ಶನ ನೀಡುತ್ತದೆ.
